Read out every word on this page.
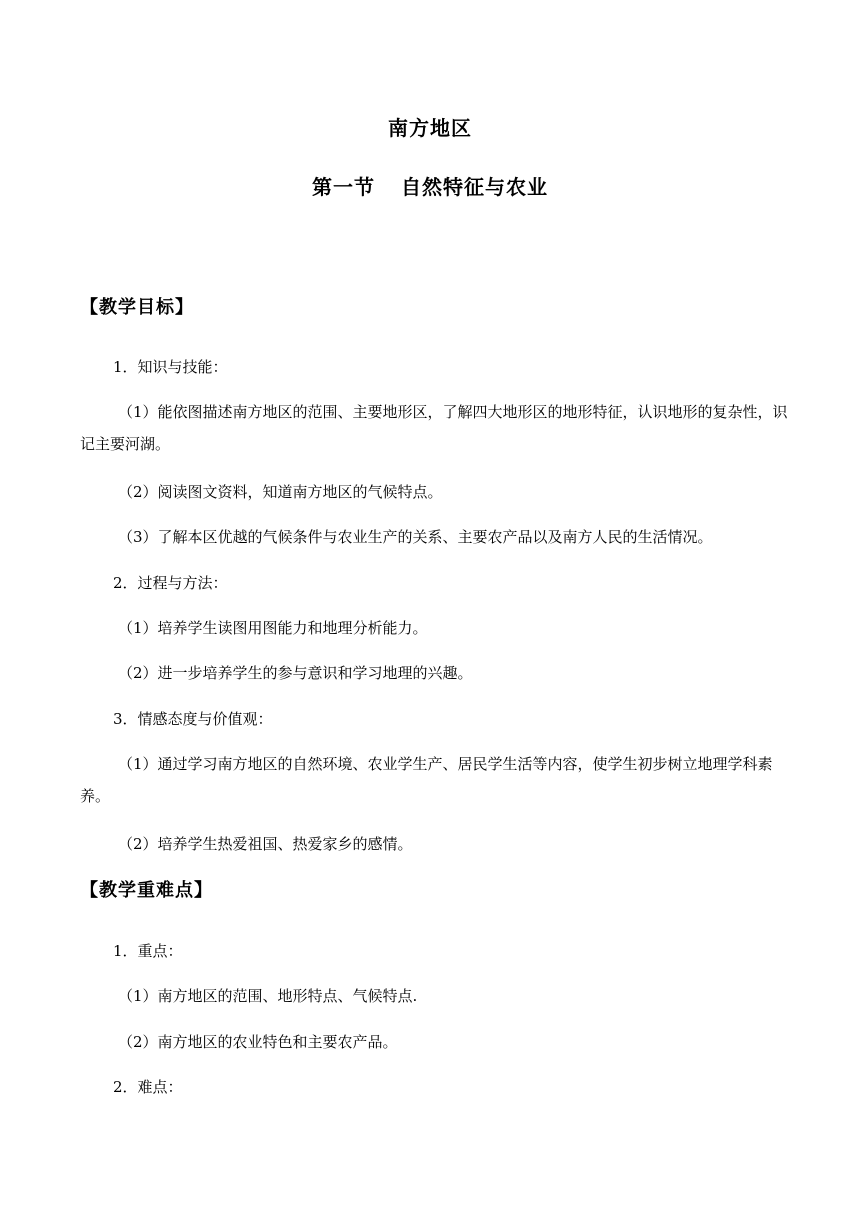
南方地区
第一节 自然特征与农业
【教学目标】
1．知识与技能：
（1）能依图描述南方地区的范围、主要地形区，了解四大地形区的地形特征，认识地形的复杂性，识记主要河湖。
（2）阅读图文资料，知道南方地区的气候特点。
（3）了解本区优越的气候条件与农业生产的关系、主要农产品以及南方人民的生活情况。
2．过程与方法：
（1）培养学生读图用图能力和地理分析能力。
（2）进一步培养学生的参与意识和学习地理的兴趣。
3．情感态度与价值观：
（1）通过学习南方地区的自然环境、农业学生产、居民学生活等内容，使学生初步树立地理学科素养。
（2）培养学生热爱祖国、热爱家乡的感情。
【教学重难点】
1．重点：
（1）南方地区的范围、地形特点、气候特点.
（2）南方地区的农业特色和主要农产品。
2．难点：
